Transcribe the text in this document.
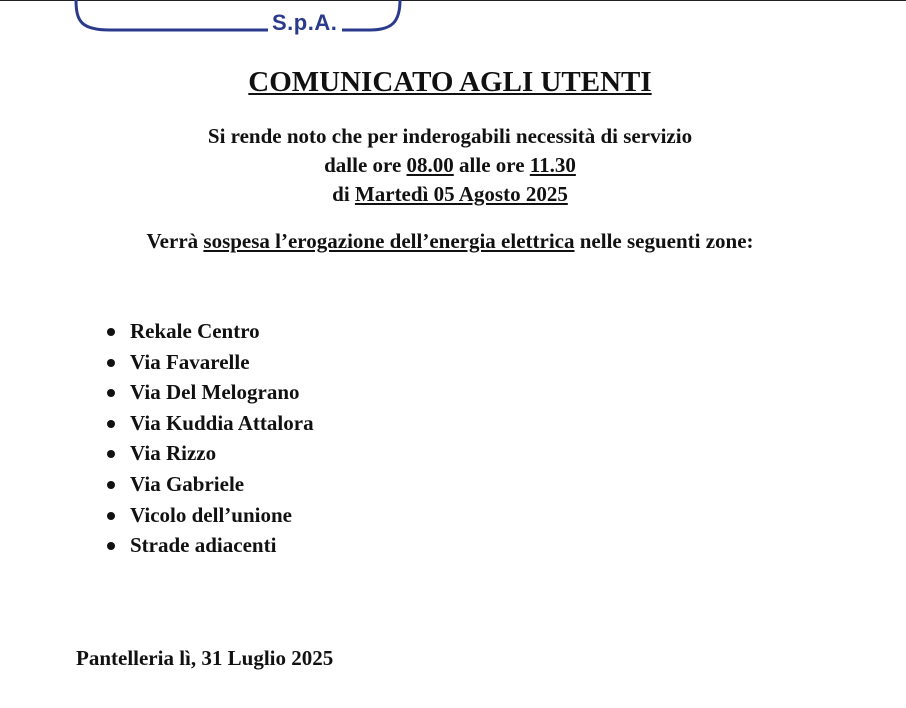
S.p.A.
COMUNICATO AGLI UTENTI
Si rende noto che per inderogabili necessità di servizio
dalle ore 08.00 alle ore 11.30
di Martedì 05 Agosto 2025
Verrà sospesa l’erogazione dell’energia elettrica nelle seguenti zone:
Rekale Centro
Via Favarelle
Via Del Melograno
Via Kuddia Attalora
Via Rizzo
Via Gabriele
Vicolo dell’unione
Strade adiacenti
Pantelleria lì, 31 Luglio 2025
